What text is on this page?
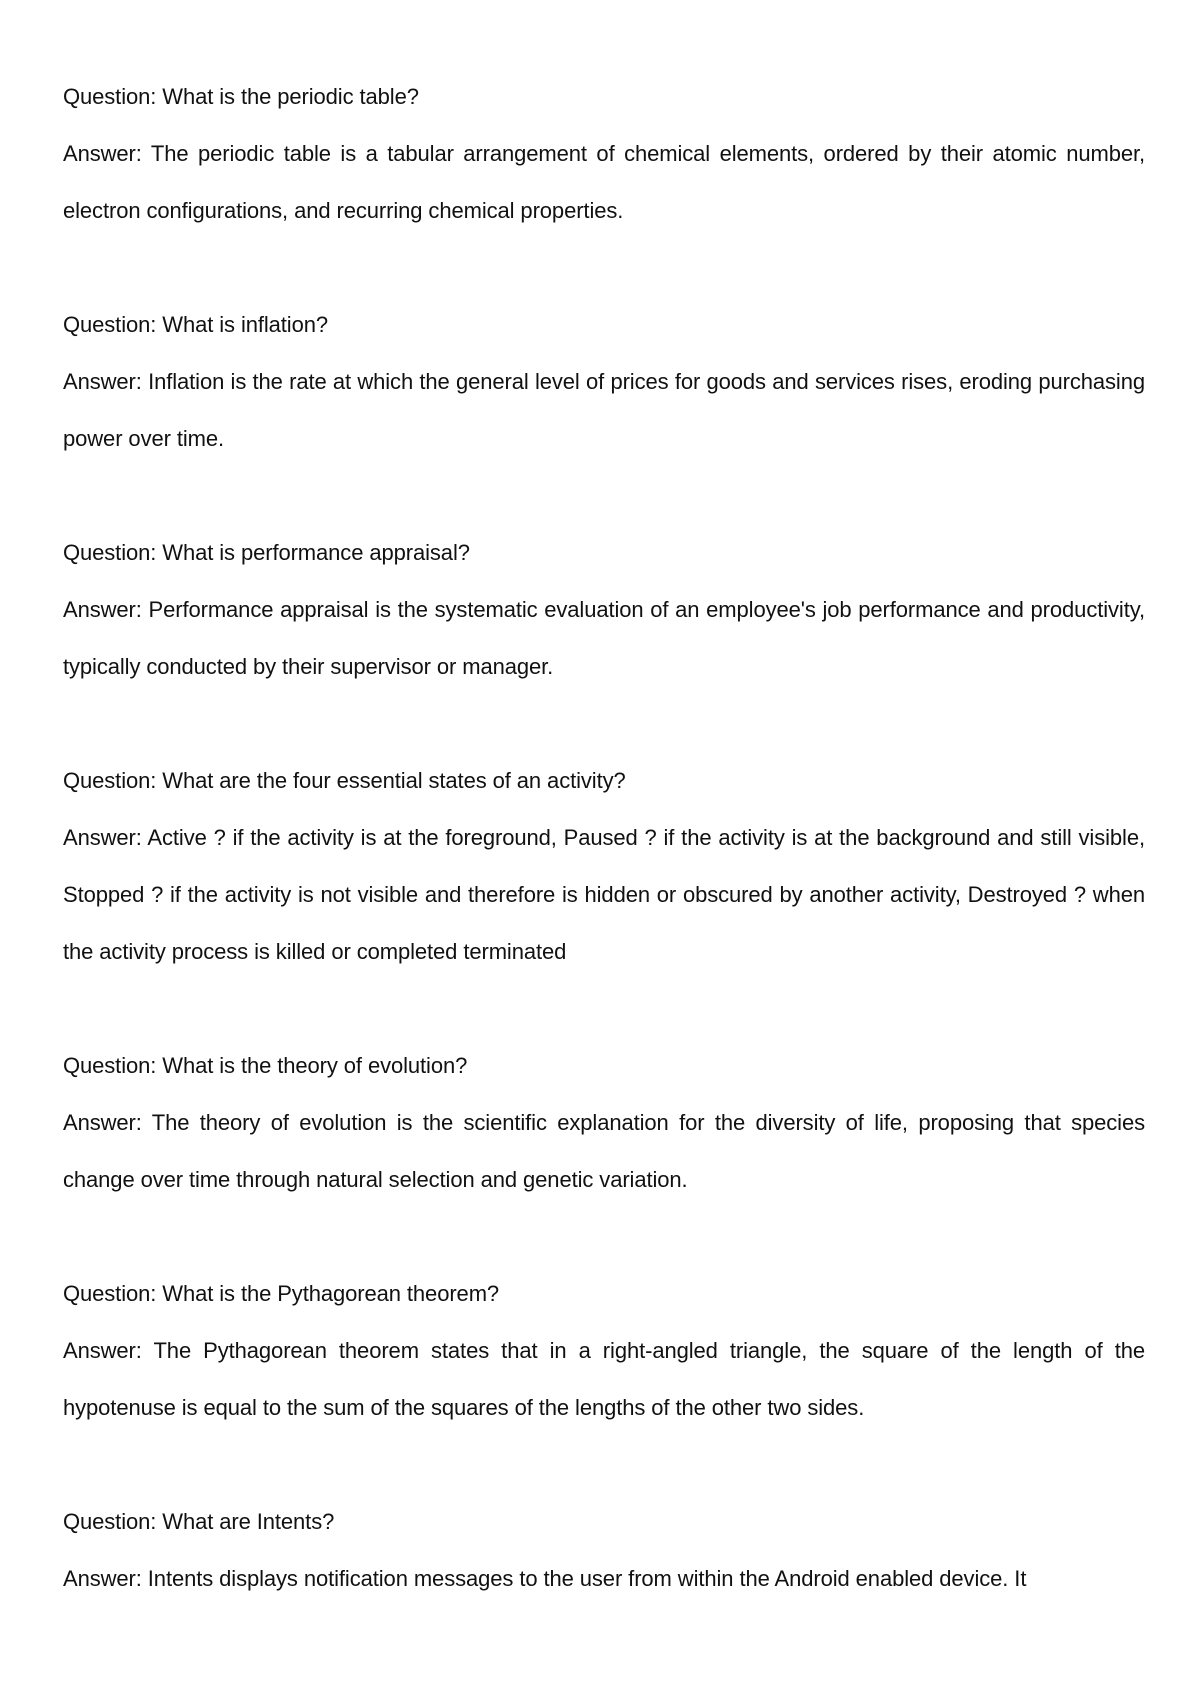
Question: What is the periodic table?

Answer: The periodic table is a tabular arrangement of chemical elements, ordered by their atomic number, electron configurations, and recurring chemical properties.

Question: What is inflation?

Answer: Inflation is the rate at which the general level of prices for goods and services rises, eroding purchasing power over time.

Question: What is performance appraisal?

Answer: Performance appraisal is the systematic evaluation of an employee's job performance and productivity, typically conducted by their supervisor or manager.

Question: What are the four essential states of an activity?

Answer: Active ? if the activity is at the foreground, Paused ? if the activity is at the background and still visible, Stopped ? if the activity is not visible and therefore is hidden or obscured by another activity, Destroyed ? when the activity process is killed or completed terminated

Question: What is the theory of evolution?

Answer: The theory of evolution is the scientific explanation for the diversity of life, proposing that species change over time through natural selection and genetic variation.

Question: What is the Pythagorean theorem?

Answer: The Pythagorean theorem states that in a right-angled triangle, the square of the length of the hypotenuse is equal to the sum of the squares of the lengths of the other two sides.

Question: What are Intents?

Answer: Intents displays notification messages to the user from within the Android enabled device. It
